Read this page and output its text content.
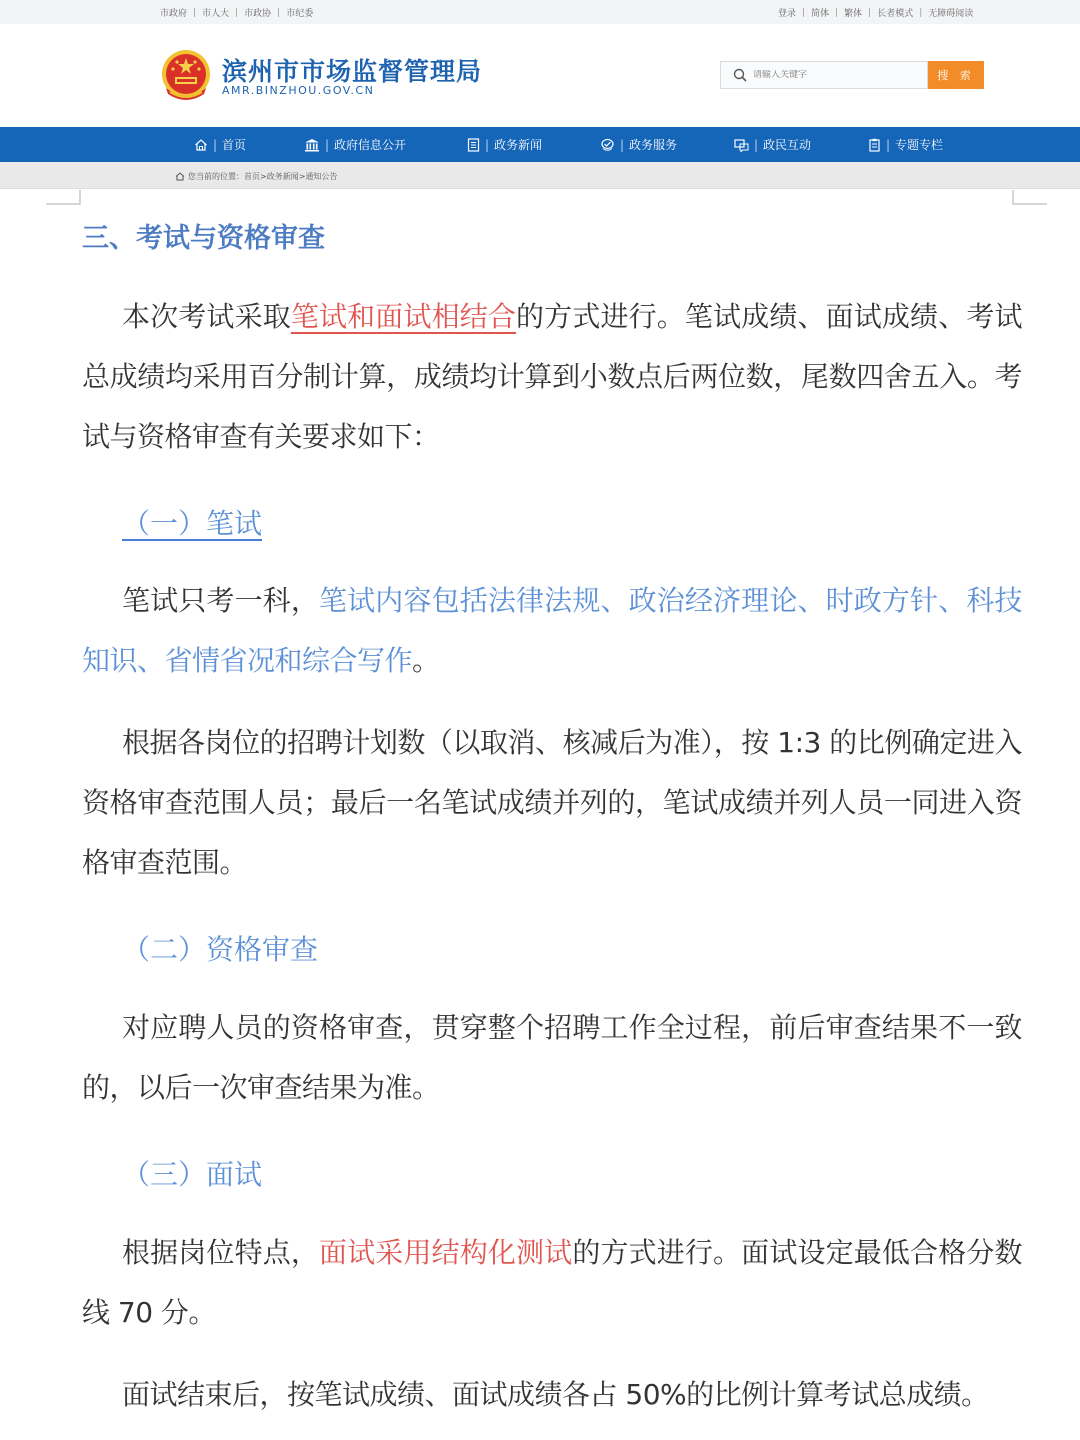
市政府 | 市人大 | 市政协 | 市纪委	登录 | 简体 | 繁体 | 长者模式 | 无障碍阅读
滨州市市场监督管理局
AMR.BINZHOU.GOV.CN
请输入关键字
搜 索
| 首页	| 政府信息公开	| 政务新闻	| 政务服务	| 政民互动	| 专题专栏
您当前的位置： 首页 > 政务新闻 > 通知公告
三、考试与资格审查

本次考试采取笔试和面试相结合的方式进行。笔试成绩、面试成绩、考试总成绩均采用百分制计算，成绩均计算到小数点后两位数，尾数四舍五入。考试与资格审查有关要求如下：

（一）笔试

笔试只考一科，笔试内容包括法律法规、政治经济理论、时政方针、科技知识、省情省况和综合写作。

根据各岗位的招聘计划数（以取消、核减后为准），按 1:3 的比例确定进入资格审查范围人员；最后一名笔试成绩并列的，笔试成绩并列人员一同进入资格审查范围。

（二）资格审查

对应聘人员的资格审查，贯穿整个招聘工作全过程，前后审查结果不一致的，以后一次审查结果为准。

（三）面试

根据岗位特点，面试采用结构化测试的方式进行。面试设定最低合格分数线 70 分。

面试结束后，按笔试成绩、面试成绩各占 50%的比例计算考试总成绩。
